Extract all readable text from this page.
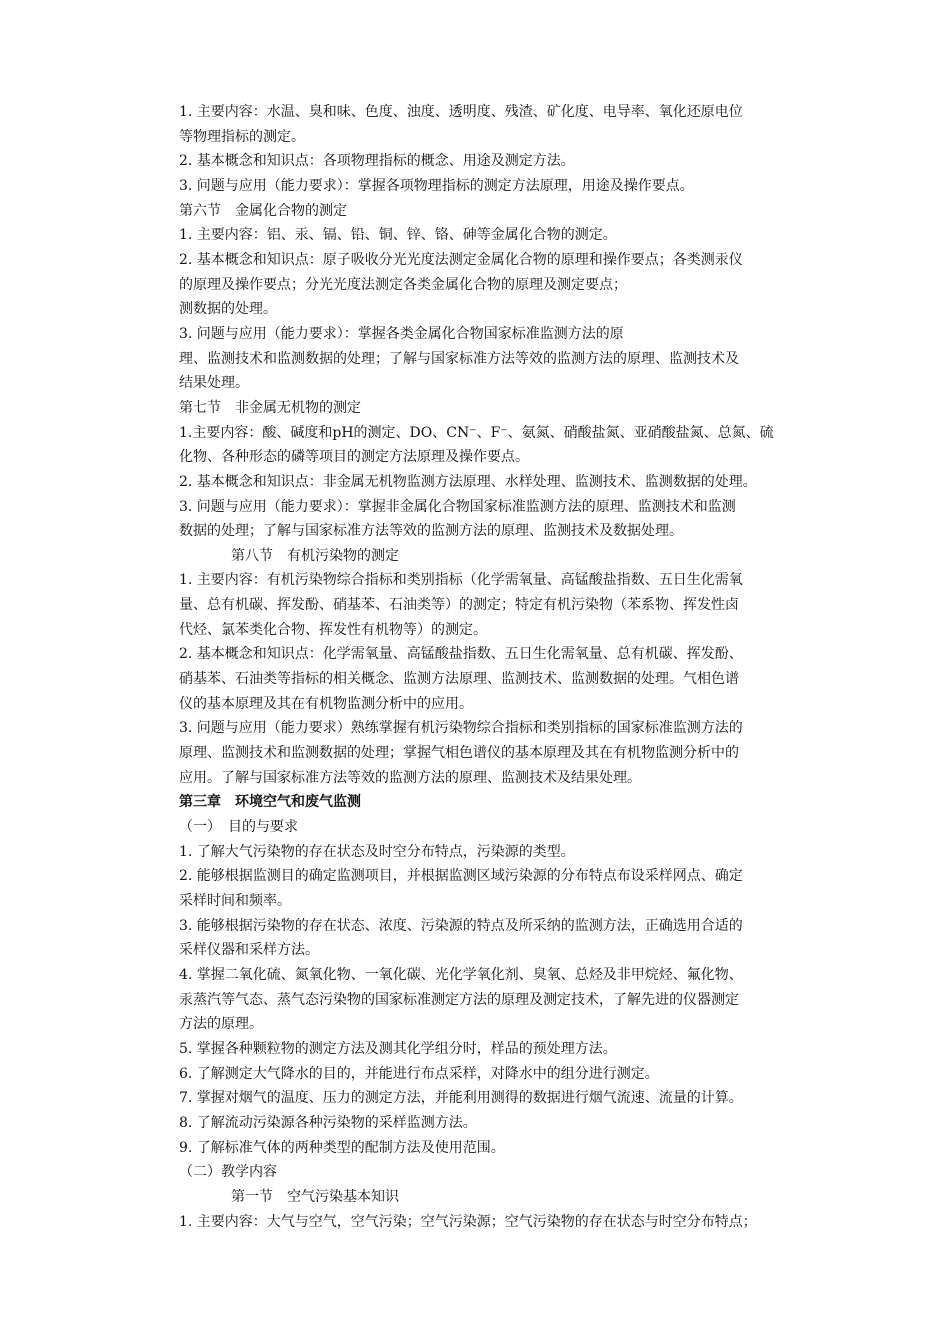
1. 主要内容：水温、臭和味、色度、浊度、透明度、残渣、矿化度、电导率、氧化还原电位
等物理指标的测定。
2. 基本概念和知识点：各项物理指标的概念、用途及测定方法。
3. 问题与应用（能力要求）：掌握各项物理指标的测定方法原理，用途及操作要点。
第六节　金属化合物的测定
1. 主要内容：铝、汞、镉、铅、铜、锌、铬、砷等金属化合物的测定。
2. 基本概念和知识点：原子吸收分光光度法测定金属化合物的原理和操作要点；各类测汞仪
的原理及操作要点；分光光度法测定各类金属化合物的原理及测定要点；
测数据的处理。
3. 问题与应用（能力要求）：掌握各类金属化合物国家标准监测方法的原
理、监测技术和监测数据的处理；了解与国家标准方法等效的监测方法的原理、监测技术及
结果处理。
第七节　非金属无机物的测定
1.主要内容：酸、碱度和pH的测定、DO、CN⁻、F⁻、氨氮、硝酸盐氮、亚硝酸盐氮、总氮、硫
化物、各种形态的磷等项目的测定方法原理及操作要点。
2. 基本概念和知识点：非金属无机物监测方法原理、水样处理、监测技术、监测数据的处理。
3. 问题与应用（能力要求）：掌握非金属化合物国家标准监测方法的原理、监测技术和监测
数据的处理；了解与国家标准方法等效的监测方法的原理、监测技术及数据处理。
第八节　有机污染物的测定
1. 主要内容：有机污染物综合指标和类别指标（化学需氧量、高锰酸盐指数、五日生化需氧
量、总有机碳、挥发酚、硝基苯、石油类等）的测定；特定有机污染物（苯系物、挥发性卤
代烃、氯苯类化合物、挥发性有机物等）的测定。
2. 基本概念和知识点：化学需氧量、高锰酸盐指数、五日生化需氧量、总有机碳、挥发酚、
硝基苯、石油类等指标的相关概念、监测方法原理、监测技术、监测数据的处理。气相色谱
仪的基本原理及其在有机物监测分析中的应用。
3. 问题与应用（能力要求）熟练掌握有机污染物综合指标和类别指标的国家标准监测方法的
原理、监测技术和监测数据的处理；掌握气相色谱仪的基本原理及其在有机物监测分析中的
应用。了解与国家标准方法等效的监测方法的原理、监测技术及结果处理。
第三章　环境空气和废气监测
（一）　目的与要求
1. 了解大气污染物的存在状态及时空分布特点，污染源的类型。
2. 能够根据监测目的确定监测项目，并根据监测区域污染源的分布特点布设采样网点、确定
采样时间和频率。
3. 能够根据污染物的存在状态、浓度、污染源的特点及所采纳的监测方法，正确选用合适的
采样仪器和采样方法。
4. 掌握二氧化硫、氮氧化物、一氧化碳、光化学氧化剂、臭氧、总烃及非甲烷烃、氟化物、
汞蒸汽等气态、蒸气态污染物的国家标准测定方法的原理及测定技术，了解先进的仪器测定
方法的原理。
5. 掌握各种颗粒物的测定方法及测其化学组分时，样品的预处理方法。
6. 了解测定大气降水的目的，并能进行布点采样，对降水中的组分进行测定。
7. 掌握对烟气的温度、压力的测定方法，并能利用测得的数据进行烟气流速、流量的计算。
8. 了解流动污染源各种污染物的采样监测方法。
9. 了解标准气体的两种类型的配制方法及使用范围。
（二）教学内容
第一节　空气污染基本知识
1. 主要内容：大气与空气，空气污染；空气污染源；空气污染物的存在状态与时空分布特点；
